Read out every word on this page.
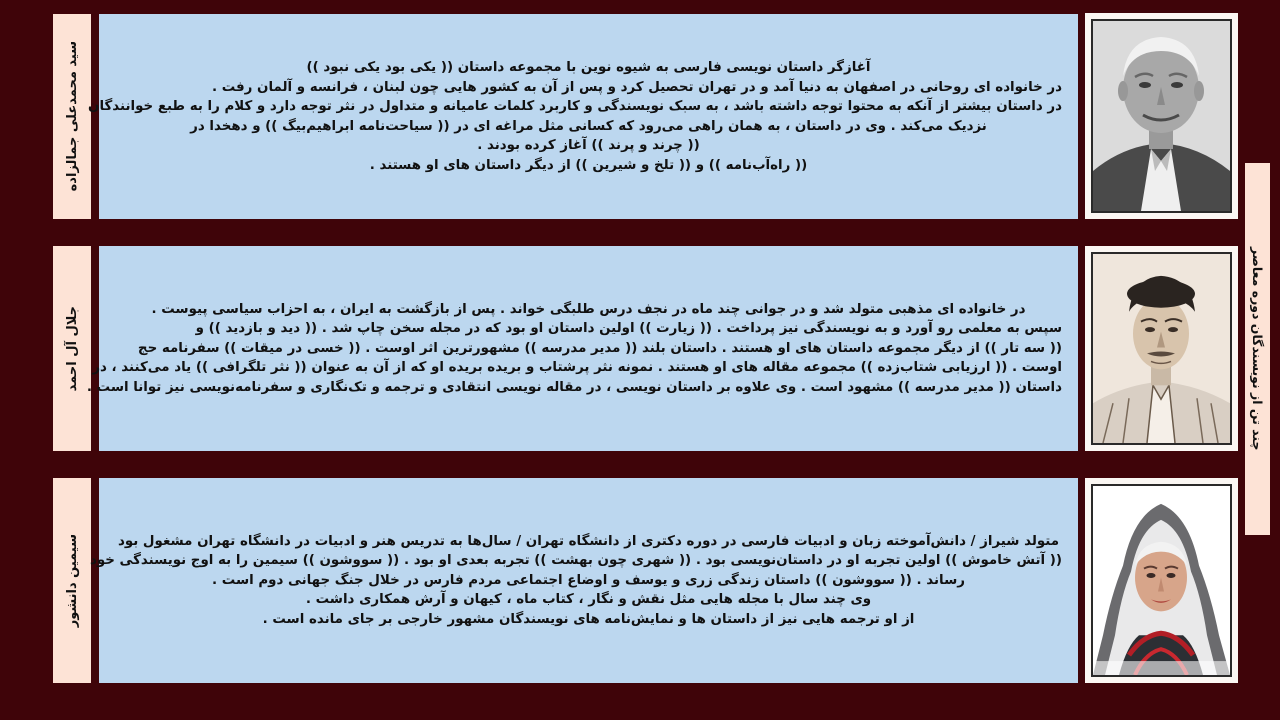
سید محمدعلی جمالزاده	آغازگر داستان نویسی فارسی به شیوه نوین با مجموعه داستان (( یکی بود یکی نبود ))
در خانواده ای روحانی در اصفهان به دنیا آمد و در تهران تحصیل کرد و پس از آن به کشور هایی چون لبنان ، فرانسه و آلمان رفت .
در داستان بیشتر از آنکه به محتوا توجه داشته باشد ، به سبک نویسندگی و کاربرد کلمات عامیانه و متداول در نثر توجه دارد و کلام را به طبع خوانندگان
نزدیک می‌کند . وی در داستان ، به همان راهی می‌رود که کسانی مثل مراغه ای در (( سیاحت‌نامه ابراهیم‌بیگ )) و دهخدا در
(( چرند و پرند )) آغاز کرده بودند .
(( راه‌آب‌نامه )) و (( تلخ و شیرین )) از دیگر داستان های او هستند .
جلال آل احمد	در خانواده ای مذهبی متولد شد و در جوانی چند ماه در نجف درس طلبگی خواند . پس از بازگشت به ایران ، به احزاب سیاسی پیوست .
سپس به معلمی رو آورد و به نویسندگی نیز پرداخت . (( زیارت )) اولین داستان او بود که در مجله سخن چاپ شد . (( دید و بازدید )) و
(( سه تار )) از دیگر مجموعه داستان های او هستند . داستان بلند (( مدیر مدرسه )) مشهورترین اثر اوست . (( خسی در میقات )) سفرنامه حج
اوست . (( ارزیابی شتاب‌زده )) مجموعه مقاله های او هستند . نمونه نثر پرشتاب و بریده بریده او که از آن به عنوان (( نثر تلگرافی )) یاد می‌کنند ، در
داستان (( مدیر مدرسه )) مشهود است . وی علاوه بر داستان نویسی ، در مقاله نویسی انتقادی و ترجمه و تک‌نگاری و سفرنامه‌نویسی نیز توانا است .
سیمین دانشور	متولد شیراز / دانش‌آموخته زبان و ادبیات فارسی در دوره دکتری از دانشگاه تهران / سال‌ها به تدریس هنر و ادبیات در دانشگاه تهران مشغول بود
(( آتش خاموش )) اولین تجربه او در داستان‌نویسی بود . (( شهری چون بهشت )) تجربه بعدی او بود . (( سووشون )) سیمین را به اوج نویسندگی خود
رساند . (( سووشون )) داستان زندگی زری و یوسف و اوضاع اجتماعی مردم فارس در خلال جنگ جهانی دوم است .
وی چند سال با مجله هایی مثل نقش و نگار ، کتاب ماه ، کیهان و آرش همکاری داشت .
از او ترجمه هایی نیز از داستان ها و نمایش‌نامه های نویسندگان مشهور خارجی بر جای مانده است .
چند تن از نویسندگان دوره معاصر
